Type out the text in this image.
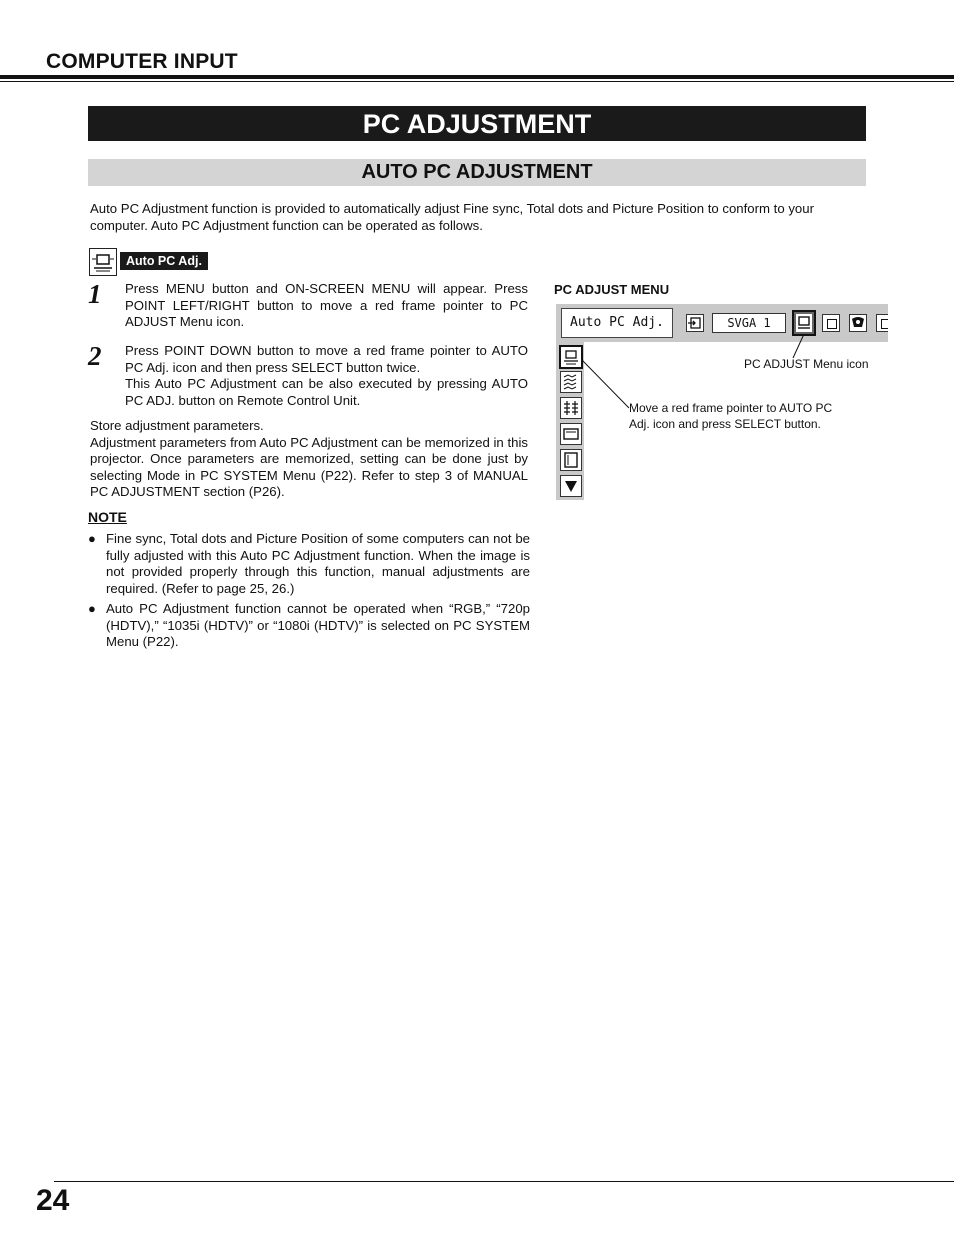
COMPUTER INPUT
PC ADJUSTMENT
AUTO PC ADJUSTMENT
Auto PC Adjustment function is provided to automatically adjust Fine sync, Total dots and Picture Position to conform to your computer. Auto PC Adjustment function can be operated as follows.
Auto PC Adj.
1 Press MENU button and ON-SCREEN MENU will appear. Press POINT LEFT/RIGHT button to move a red frame pointer to PC ADJUST Menu icon.
2 Press POINT DOWN button to move a red frame pointer to AUTO PC Adj. icon and then press SELECT button twice.
This Auto PC Adjustment can be also executed by pressing AUTO PC ADJ. button on Remote Control Unit.
Store adjustment parameters.
Adjustment parameters from Auto PC Adjustment can be memorized in this projector. Once parameters are memorized, setting can be done just by selecting Mode in PC SYSTEM Menu (P22). Refer to step 3 of MANUAL PC ADJUSTMENT section (P26).
NOTE
● Fine sync, Total dots and Picture Position of some computers can not be fully adjusted with this Auto PC Adjustment function. When the image is not provided properly through this function, manual adjustments are required. (Refer to page 25, 26.)
● Auto PC Adjustment function cannot be operated when “RGB,” “720p (HDTV),” “1035i (HDTV)” or “1080i (HDTV)” is selected on PC SYSTEM Menu (P22).
PC ADJUST MENU
Auto PC Adj.	SVGA 1
PC ADJUST Menu icon
Move a red frame pointer to AUTO PC Adj. icon and press SELECT button.
24
